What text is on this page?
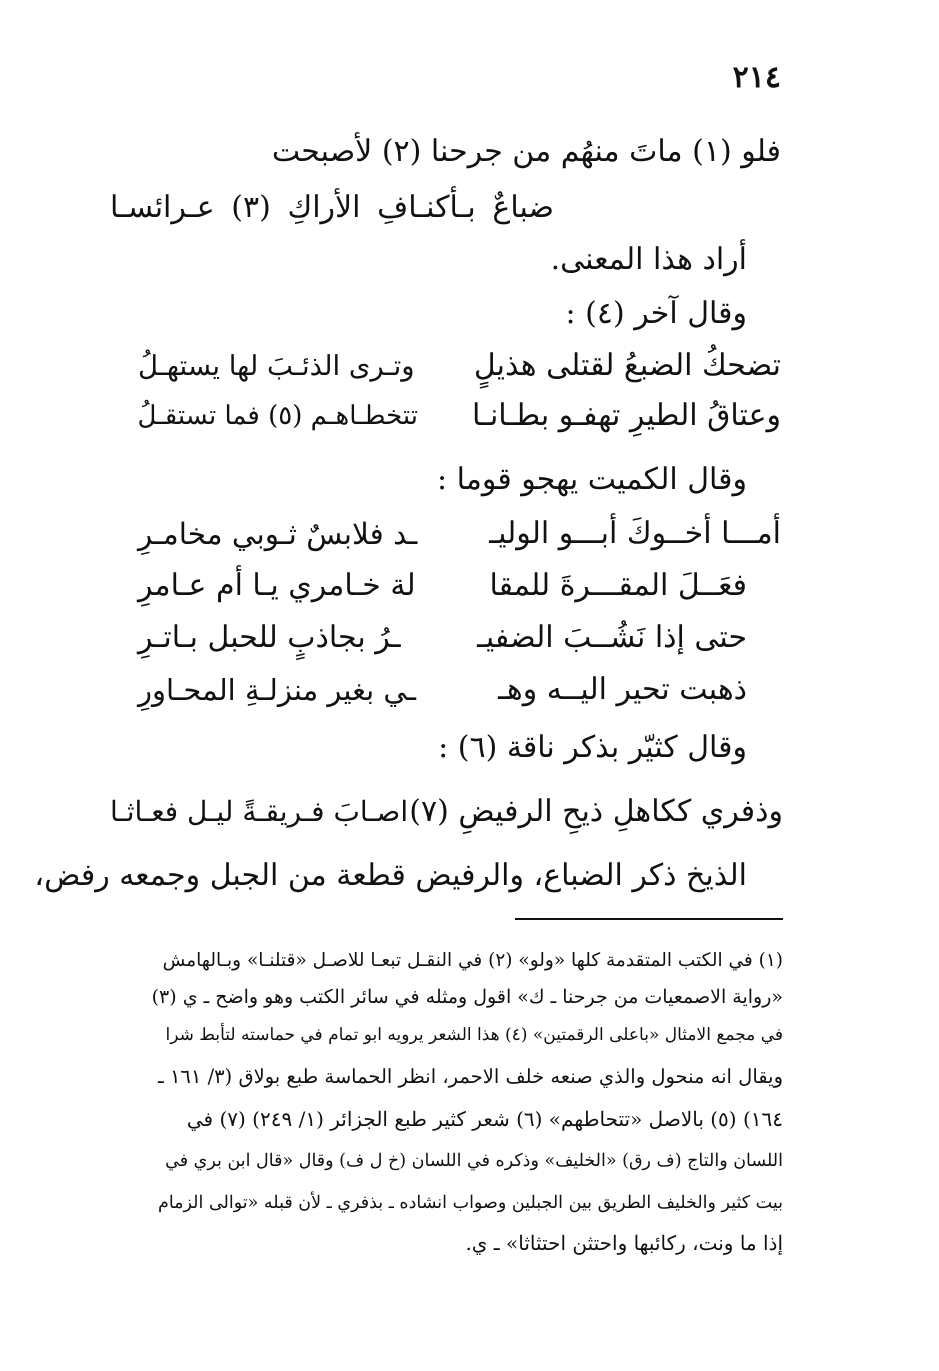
٢١٤
فلو (١) ماتَ منهُم من جرحنا (٢) لأصبحت
ضباعٌ بـأكنـافِ الأراكِ (٣) عـرائسـا
أراد هذا المعنى.
وقال آخر (٤) :
تضحكُ الضبعُ لقتلى هذيلٍ
وتـرى الذئـبَ لها يستهـلُ
وعتاقُ الطيرِ تهفـو بطـانـا
تتخطـاهـم (٥) فما تستقـلُ
وقال الكميت يهجو قوما :
أمـــا أخــوكَ أبـــو الوليـ
ـد فلابسٌ ثـوبي مخامـرِ
فعَــلَ المقـــرةَ للمقا
لة خـامري يـا أم عـامرِ
حتى إذا نَشُــبَ الضفيـ
ـرُ بجاذبٍ للحبل بـاتـرِ
ذهبت تحير اليــه وهـ
ـي بغير منزلـةِ المحـاورِ
وقال كثيّر بذكر ناقة (٦) :
وذفري ككاهلِ ذيحِ الرفيضِ (٧)
اصـابَ فـريقـةً ليـل فعـاثـا
الذيخ ذكر الضباع، والرفيض قطعة من الجبل وجمعه رفض،
(١) في الكتب المتقدمة كلها «ولو» (٢) في النقـل تبعـا للاصـل «قتلنـا» وبـالهامش
«رواية الاصمعيات من جرحنا ـ ك» اقول ومثله في سائر الكتب وهو واضح ـ ي (٣)
في مجمع الامثال «باعلى الرقمتين» (٤) هذا الشعر يرويه ابو تمام في حماسته لتأبط شرا
ويقال انه منحول والذي صنعه خلف الاحمر، انظر الحماسة طبع بولاق (٣/ ١٦١ ـ
١٦٤) (٥) بالاصل «تتحاطهم» (٦) شعر كثير طبع الجزائر (١/ ٢٤٩) (٧) في
اللسان والتاج (ف رق) «الخليف» وذكره في اللسان (خ ل ف) وقال «قال ابن بري في
بيت كثير والخليف الطريق بين الجبلين وصواب انشاده ـ بذفري ـ لأن قبله «توالى الزمام
إذا ما ونت، ركائبها واحتثن احتثاثا» ـ ي.
